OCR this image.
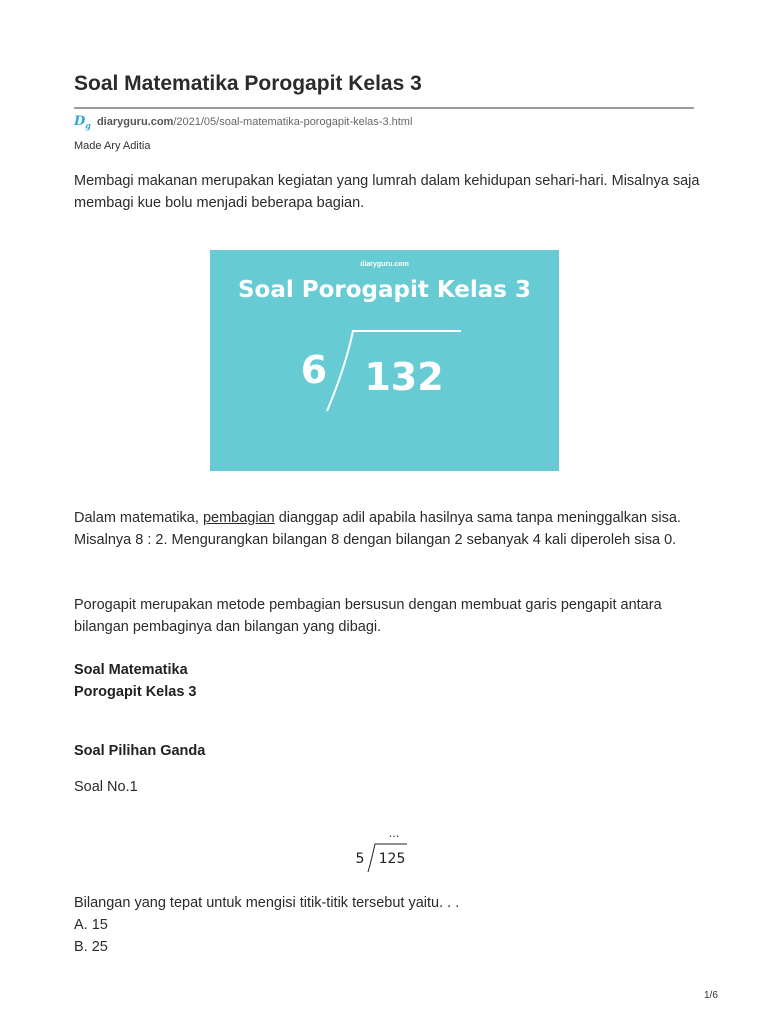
Soal Matematika Porogapit Kelas 3
$D_g$ diaryguru.com/2021/05/soal-matematika-porogapit-kelas-3.html
Made Ary Aditia

Membagi makanan merupakan kegiatan yang lumrah dalam kehidupan sehari-hari. Misalnya saja membagi kue bolu menjadi beberapa bagian.

diaryguru.com
Soal Porogapit Kelas 3
6 132

Dalam matematika, pembagian dianggap adil apabila hasilnya sama tanpa meninggalkan sisa. Misalnya 8 : 2. Mengurangkan bilangan 8 dengan bilangan 2 sebanyak 4 kali diperoleh sisa 0.

Porogapit merupakan metode pembagian bersusun dengan membuat garis pengapit antara bilangan pembaginya dan bilangan yang dibagi.

Soal Matematika
Porogapit Kelas 3
Soal Pilihan Ganda
Soal No.1
...
5 125
Bilangan yang tepat untuk mengisi titik-titik tersebut yaitu. . .
A. 15
B. 25
1/6
